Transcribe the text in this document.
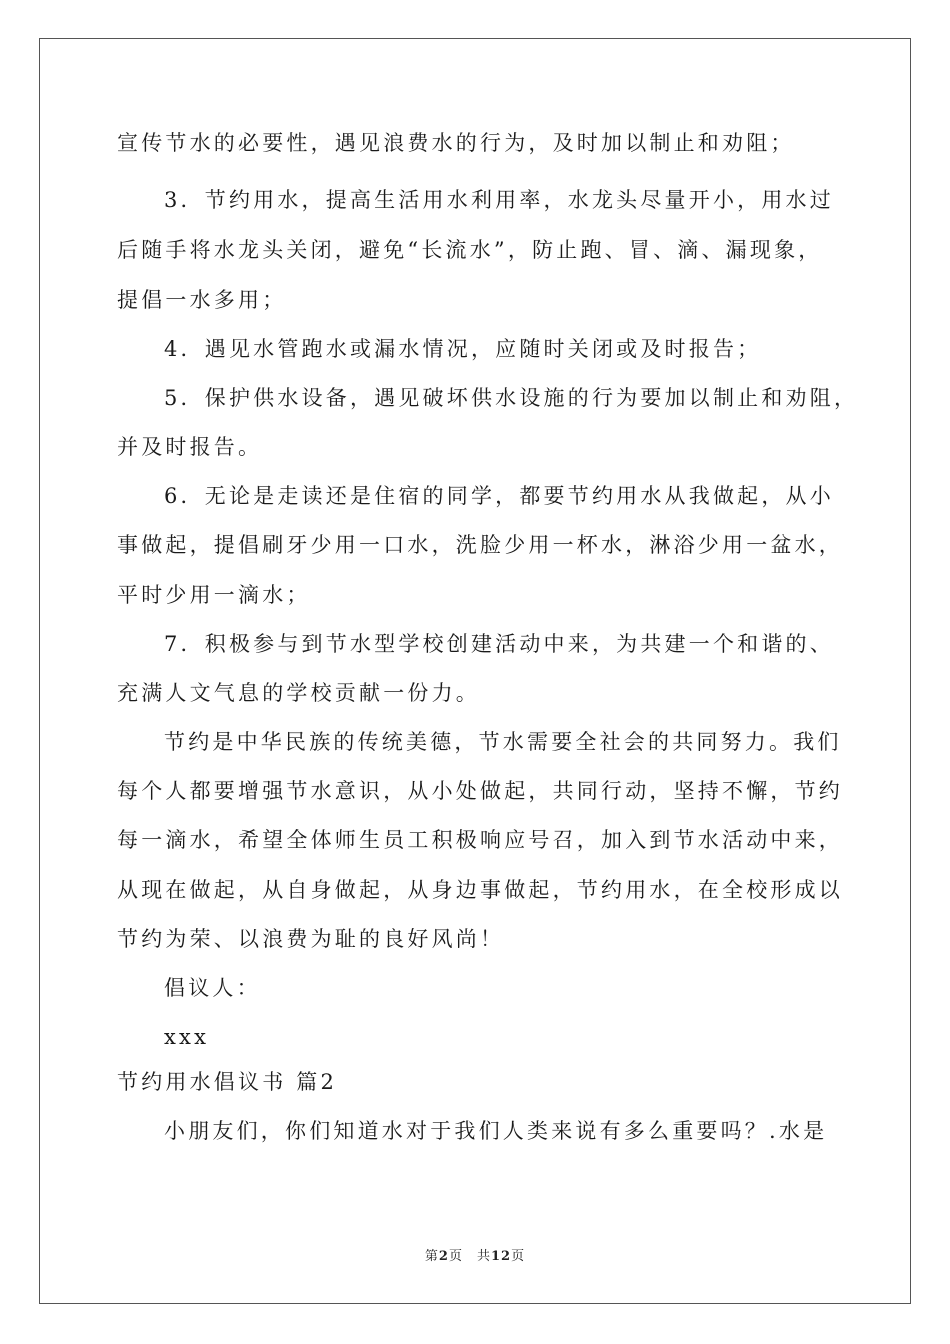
宣传节水的必要性，遇见浪费水的行为，及时加以制止和劝阻；
3．节约用水，提高生活用水利用率，水龙头尽量开小，用水过
后随手将水龙头关闭，避免“长流水”，防止跑、冒、滴、漏现象，
提倡一水多用；
4．遇见水管跑水或漏水情况，应随时关闭或及时报告；
5．保护供水设备，遇见破坏供水设施的行为要加以制止和劝阻，
并及时报告。
6．无论是走读还是住宿的同学，都要节约用水从我做起，从小
事做起，提倡刷牙少用一口水，洗脸少用一杯水，淋浴少用一盆水，
平时少用一滴水；
7．积极参与到节水型学校创建活动中来，为共建一个和谐的、
充满人文气息的学校贡献一份力。
节约是中华民族的传统美德，节水需要全社会的共同努力。我们
每个人都要增强节水意识，从小处做起，共同行动，坚持不懈，节约
每一滴水，希望全体师生员工积极响应号召，加入到节水活动中来，
从现在做起，从自身做起，从身边事做起，节约用水，在全校形成以
节约为荣、以浪费为耻的良好风尚！
倡议人：
xxx
节约用水倡议书 篇2
小朋友们，你们知道水对于我们人类来说有多么重要吗？.水是
第2页　共12页
